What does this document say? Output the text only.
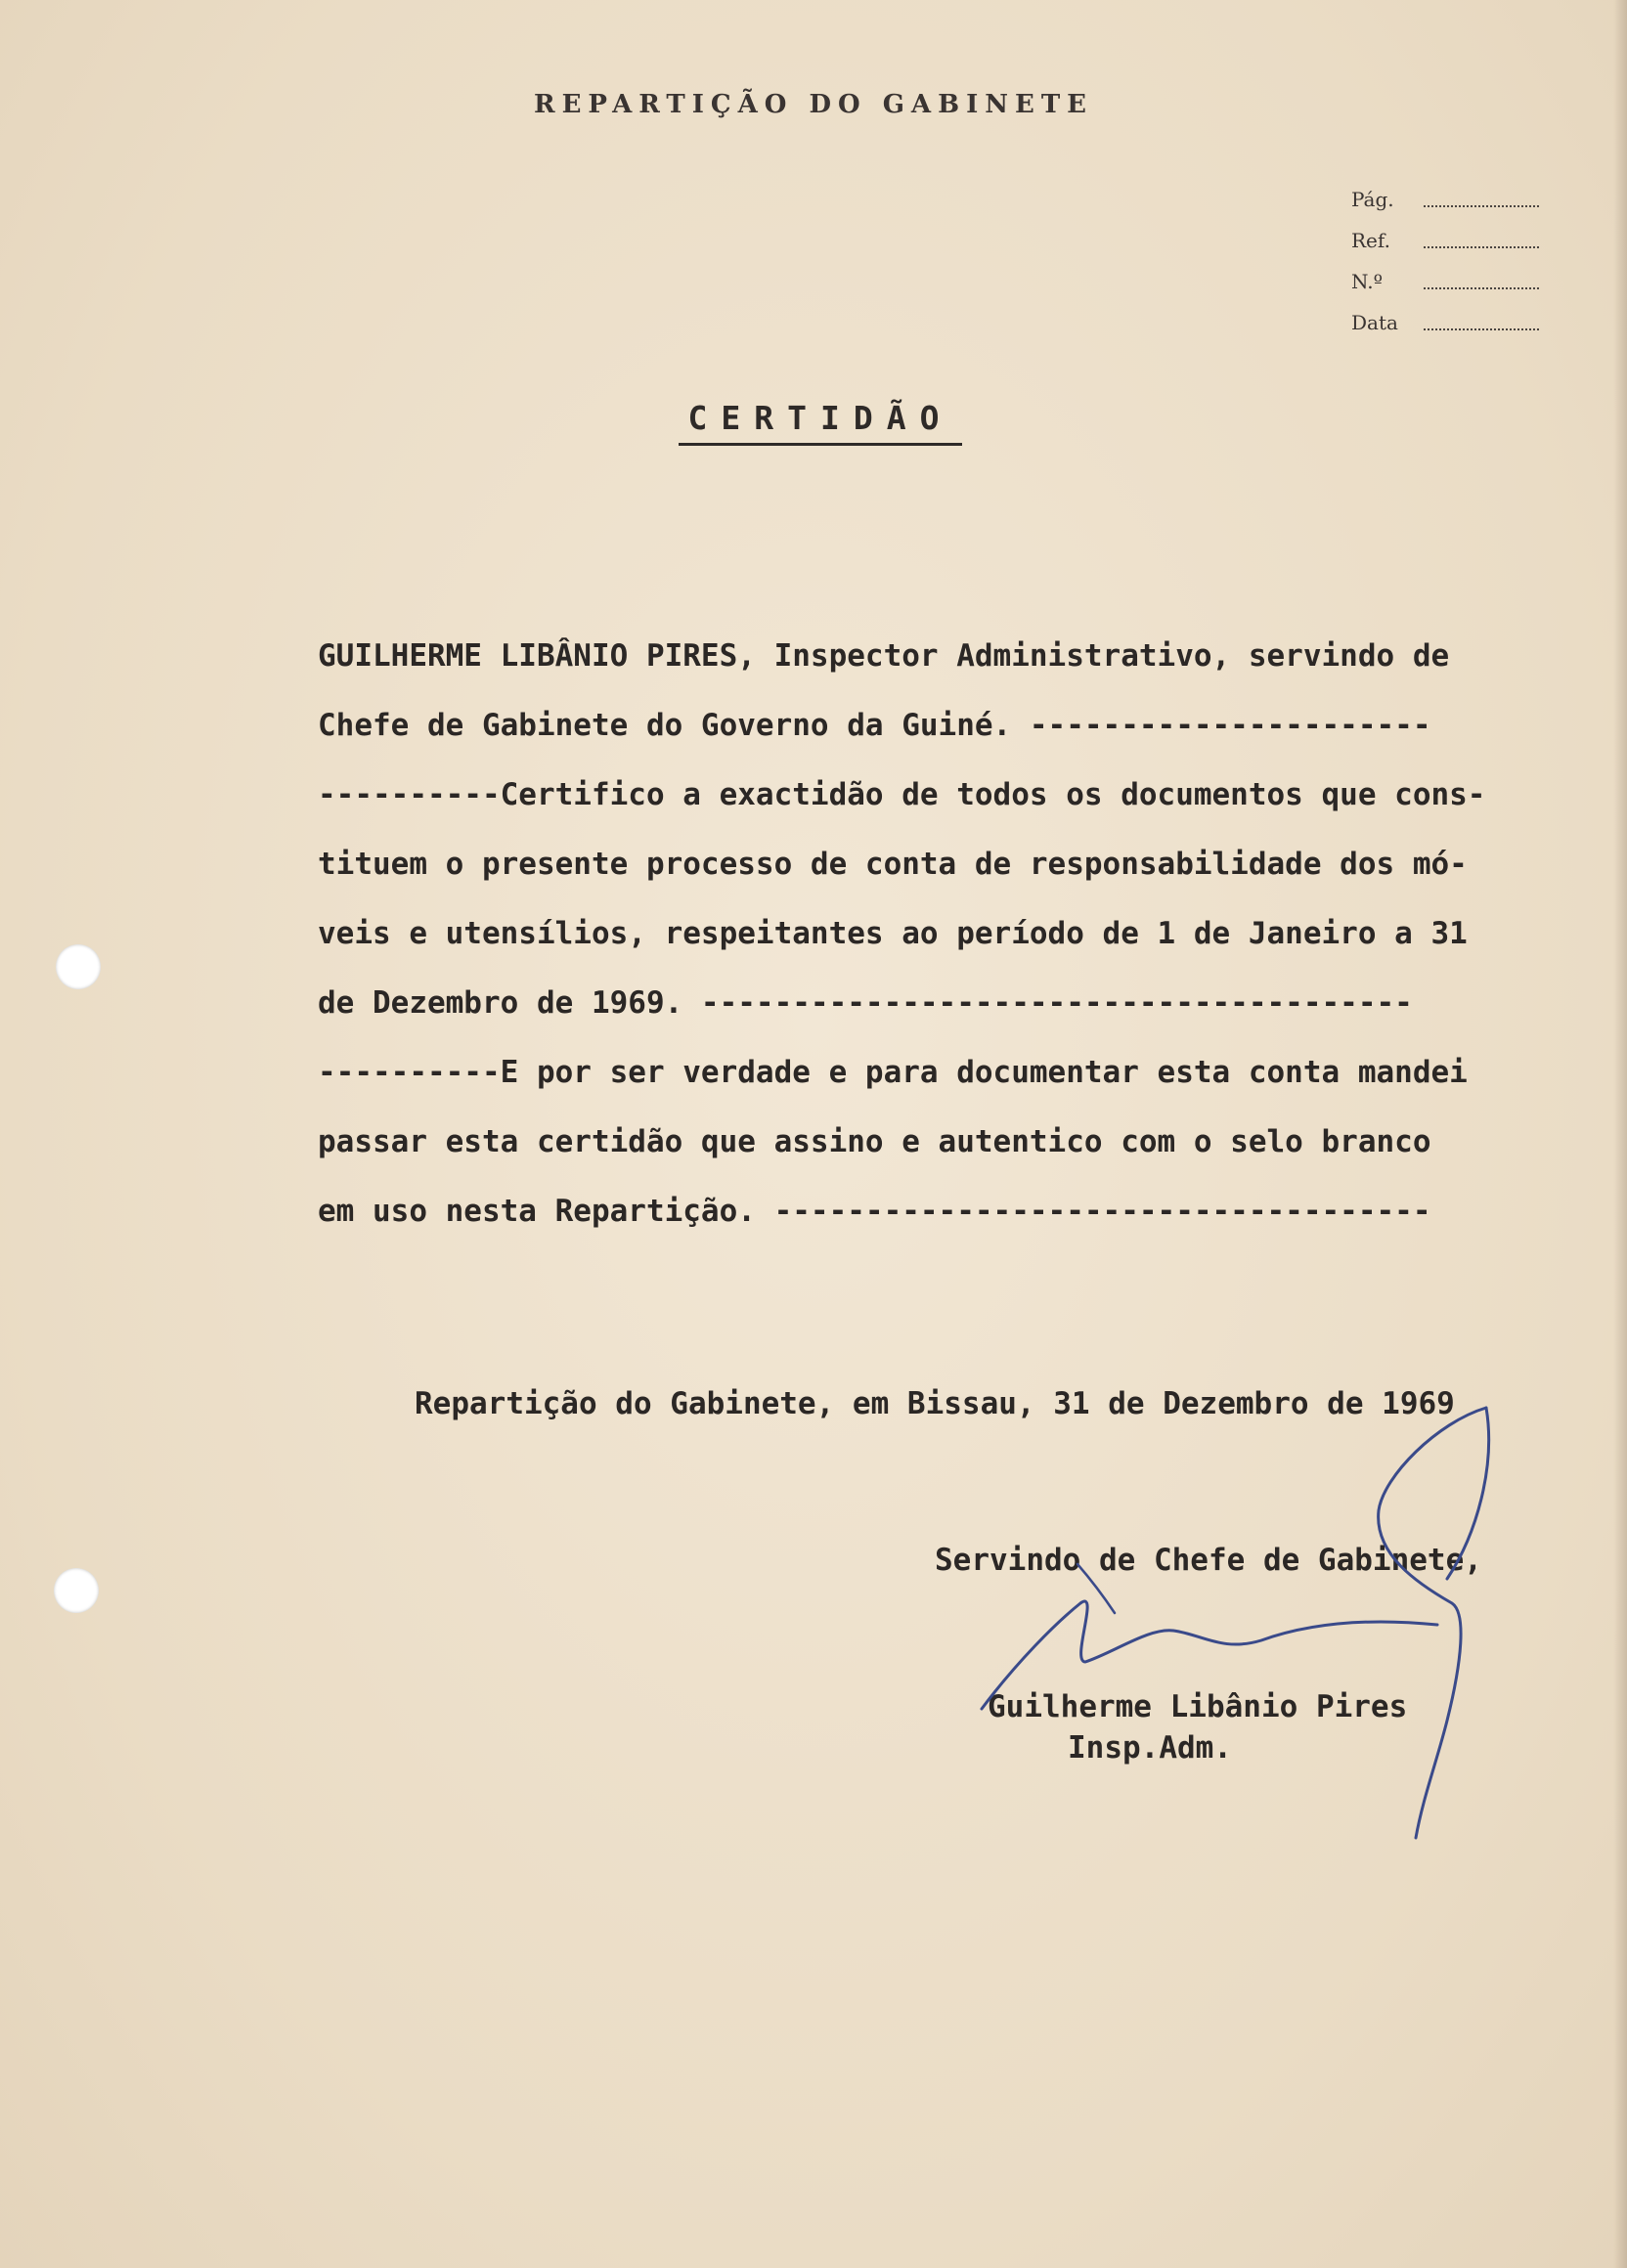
REPARTIÇÃO DO GABINETE
Pág.
Ref.
N.º
Data
CERTIDÃO
GUILHERME LIBÂNIO PIRES, Inspector Administrativo, servindo de
Chefe de Gabinete do Governo da Guiné. ----------------------
----------Certifico a exactidão de todos os documentos que cons-
tituem o presente processo de conta de responsabilidade dos mó-
veis e utensílios, respeitantes ao período de 1 de Janeiro a 31
de Dezembro de 1969. ---------------------------------------
----------E por ser verdade e para documentar esta conta mandei
passar esta certidão que assino e autentico com o selo branco
em uso nesta Repartição. ------------------------------------
Repartição do Gabinete, em Bissau, 31 de Dezembro de 1969
Servindo de Chefe de Gabinete,
Guilherme Libânio Pires
Insp.Adm.
